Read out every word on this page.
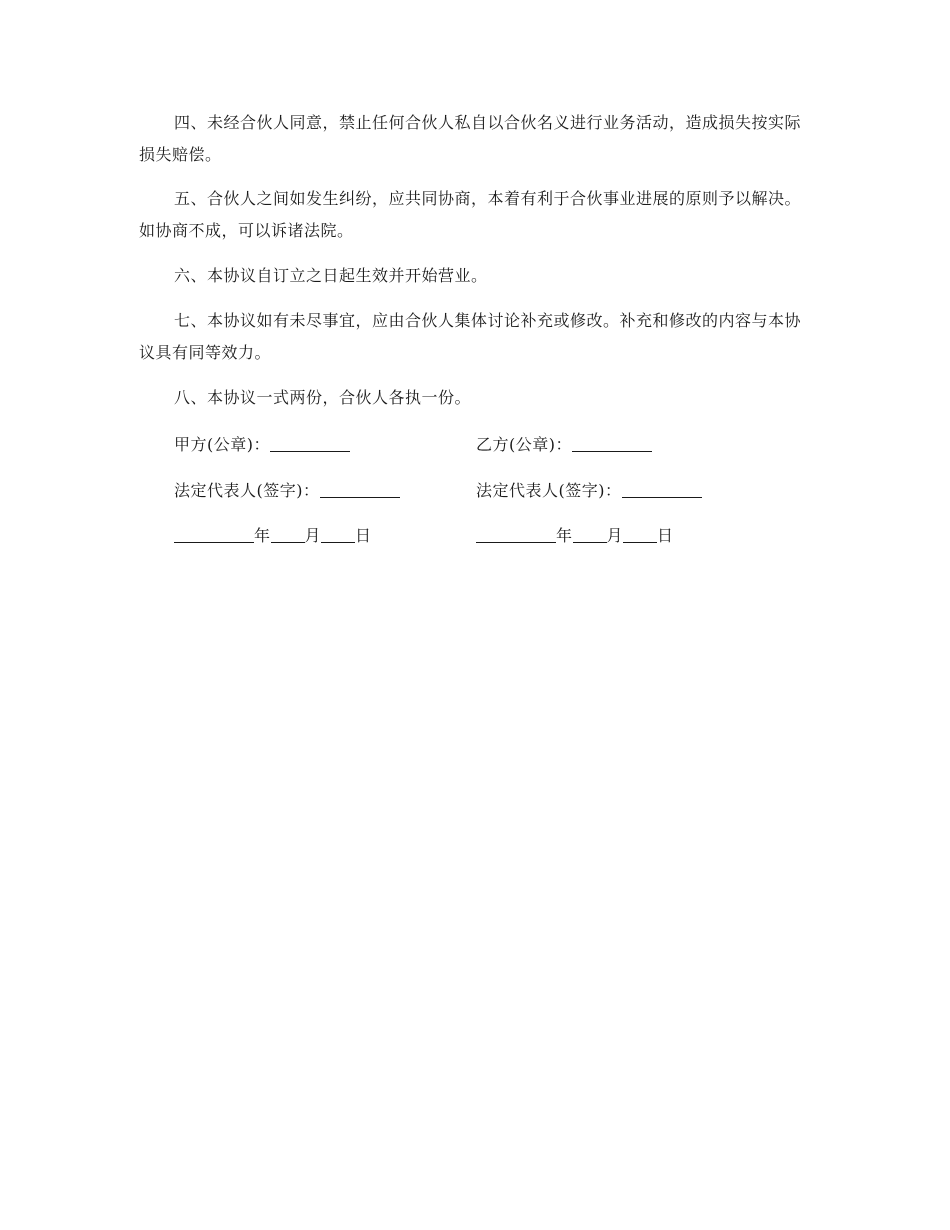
四、未经合伙人同意，禁止任何合伙人私自以合伙名义进行业务活动，造成损失按实际损失赔偿。

五、合伙人之间如发生纠纷，应共同协商，本着有利于合伙事业进展的原则予以解决。如协商不成，可以诉诸法院。

六、本协议自订立之日起生效并开始营业。

七、本协议如有未尽事宜，应由合伙人集体讨论补充或修改。补充和修改的内容与本协议具有同等效力。

八、本协议一式两份，合伙人各执一份。

甲方(公章)：	乙方(公章)：
法定代表人(签字)：	法定代表人(签字)：
年 月 日	年 月 日
